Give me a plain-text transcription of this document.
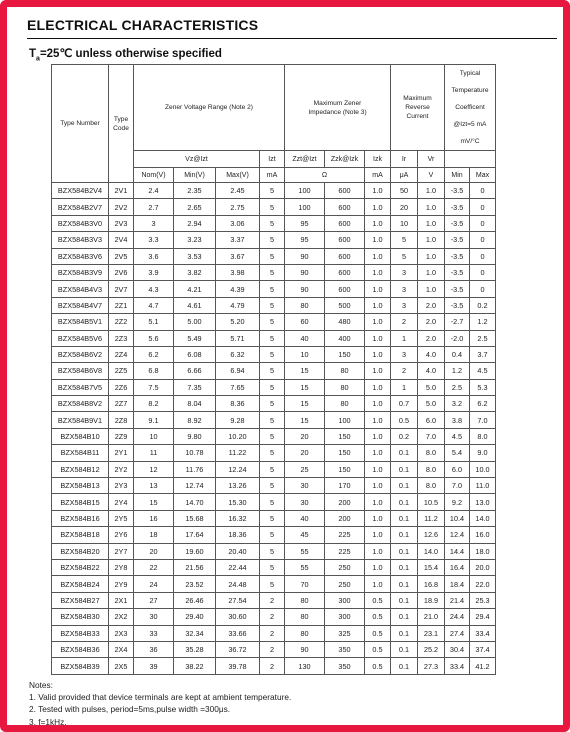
ELECTRICAL CHARACTERISTICS
$T_a=25℃$ unless otherwise specified
Type Number	Type Code	Zener Voltage Range (Note 2)				Maximum Zener Impedance (Note 3)			Maximum Reverse Current		Typical
Temperature
Coefficent
@Izt=5 mA
mV/°C	

		Vz@Izt			Izt	Zzt@Izt	Zzk@Izk	Izk	Ir	Vr		
		Nom(V)	Min(V)	Max(V)	mA	Ω		mA	μA	V	Min	Max
BZX584B2V4	2V1	2.4	2.35	2.45	5	100	600	1.0	50	1.0	-3.5	0
BZX584B2V7	2V2	2.7	2.65	2.75	5	100	600	1.0	20	1.0	-3.5	0
BZX584B3V0	2V3	3	2.94	3.06	5	95	600	1.0	10	1.0	-3.5	0
BZX584B3V3	2V4	3.3	3.23	3.37	5	95	600	1.0	5	1.0	-3.5	0
BZX584B3V6	2V5	3.6	3.53	3.67	5	90	600	1.0	5	1.0	-3.5	0
BZX584B3V9	2V6	3.9	3.82	3.98	5	90	600	1.0	3	1.0	-3.5	0
BZX584B4V3	2V7	4.3	4.21	4.39	5	90	600	1.0	3	1.0	-3.5	0
BZX584B4V7	2Z1	4.7	4.61	4.79	5	80	500	1.0	3	2.0	-3.5	0.2
BZX584B5V1	2Z2	5.1	5.00	5.20	5	60	480	1.0	2	2.0	-2.7	1.2
BZX584B5V6	2Z3	5.6	5.49	5.71	5	40	400	1.0	1	2.0	-2.0	2.5
BZX584B6V2	2Z4	6.2	6.08	6.32	5	10	150	1.0	3	4.0	0.4	3.7
BZX584B6V8	2Z5	6.8	6.66	6.94	5	15	80	1.0	2	4.0	1.2	4.5
BZX584B7V5	2Z6	7.5	7.35	7.65	5	15	80	1.0	1	5.0	2.5	5.3
BZX584B8V2	2Z7	8.2	8.04	8.36	5	15	80	1.0	0.7	5.0	3.2	6.2
BZX584B9V1	2Z8	9.1	8.92	9.28	5	15	100	1.0	0.5	6.0	3.8	7.0
BZX584B10	2Z9	10	9.80	10.20	5	20	150	1.0	0.2	7.0	4.5	8.0
BZX584B11	2Y1	11	10.78	11.22	5	20	150	1.0	0.1	8.0	5.4	9.0
BZX584B12	2Y2	12	11.76	12.24	5	25	150	1.0	0.1	8.0	6.0	10.0
BZX584B13	2Y3	13	12.74	13.26	5	30	170	1.0	0.1	8.0	7.0	11.0
BZX584B15	2Y4	15	14.70	15.30	5	30	200	1.0	0.1	10.5	9.2	13.0
BZX584B16	2Y5	16	15.68	16.32	5	40	200	1.0	0.1	11.2	10.4	14.0
BZX584B18	2Y6	18	17.64	18.36	5	45	225	1.0	0.1	12.6	12.4	16.0
BZX584B20	2Y7	20	19.60	20.40	5	55	225	1.0	0.1	14.0	14.4	18.0
BZX584B22	2Y8	22	21.56	22.44	5	55	250	1.0	0.1	15.4	16.4	20.0
BZX584B24	2Y9	24	23.52	24.48	5	70	250	1.0	0.1	16.8	18.4	22.0
BZX584B27	2X1	27	26.46	27.54	2	80	300	0.5	0.1	18.9	21.4	25.3
BZX584B30	2X2	30	29.40	30.60	2	80	300	0.5	0.1	21.0	24.4	29.4
BZX584B33	2X3	33	32.34	33.66	2	80	325	0.5	0.1	23.1	27.4	33.4
BZX584B36	2X4	36	35.28	36.72	2	90	350	0.5	0.1	25.2	30.4	37.4
BZX584B39	2X5	39	38.22	39.78	2	130	350	0.5	0.1	27.3	33.4	41.2
Notes:
1. Valid provided that device terminals are kept at ambient temperature.
2. Tested with pulses, period=5ms,pulse width =300μs.
3. f=1kHz.
